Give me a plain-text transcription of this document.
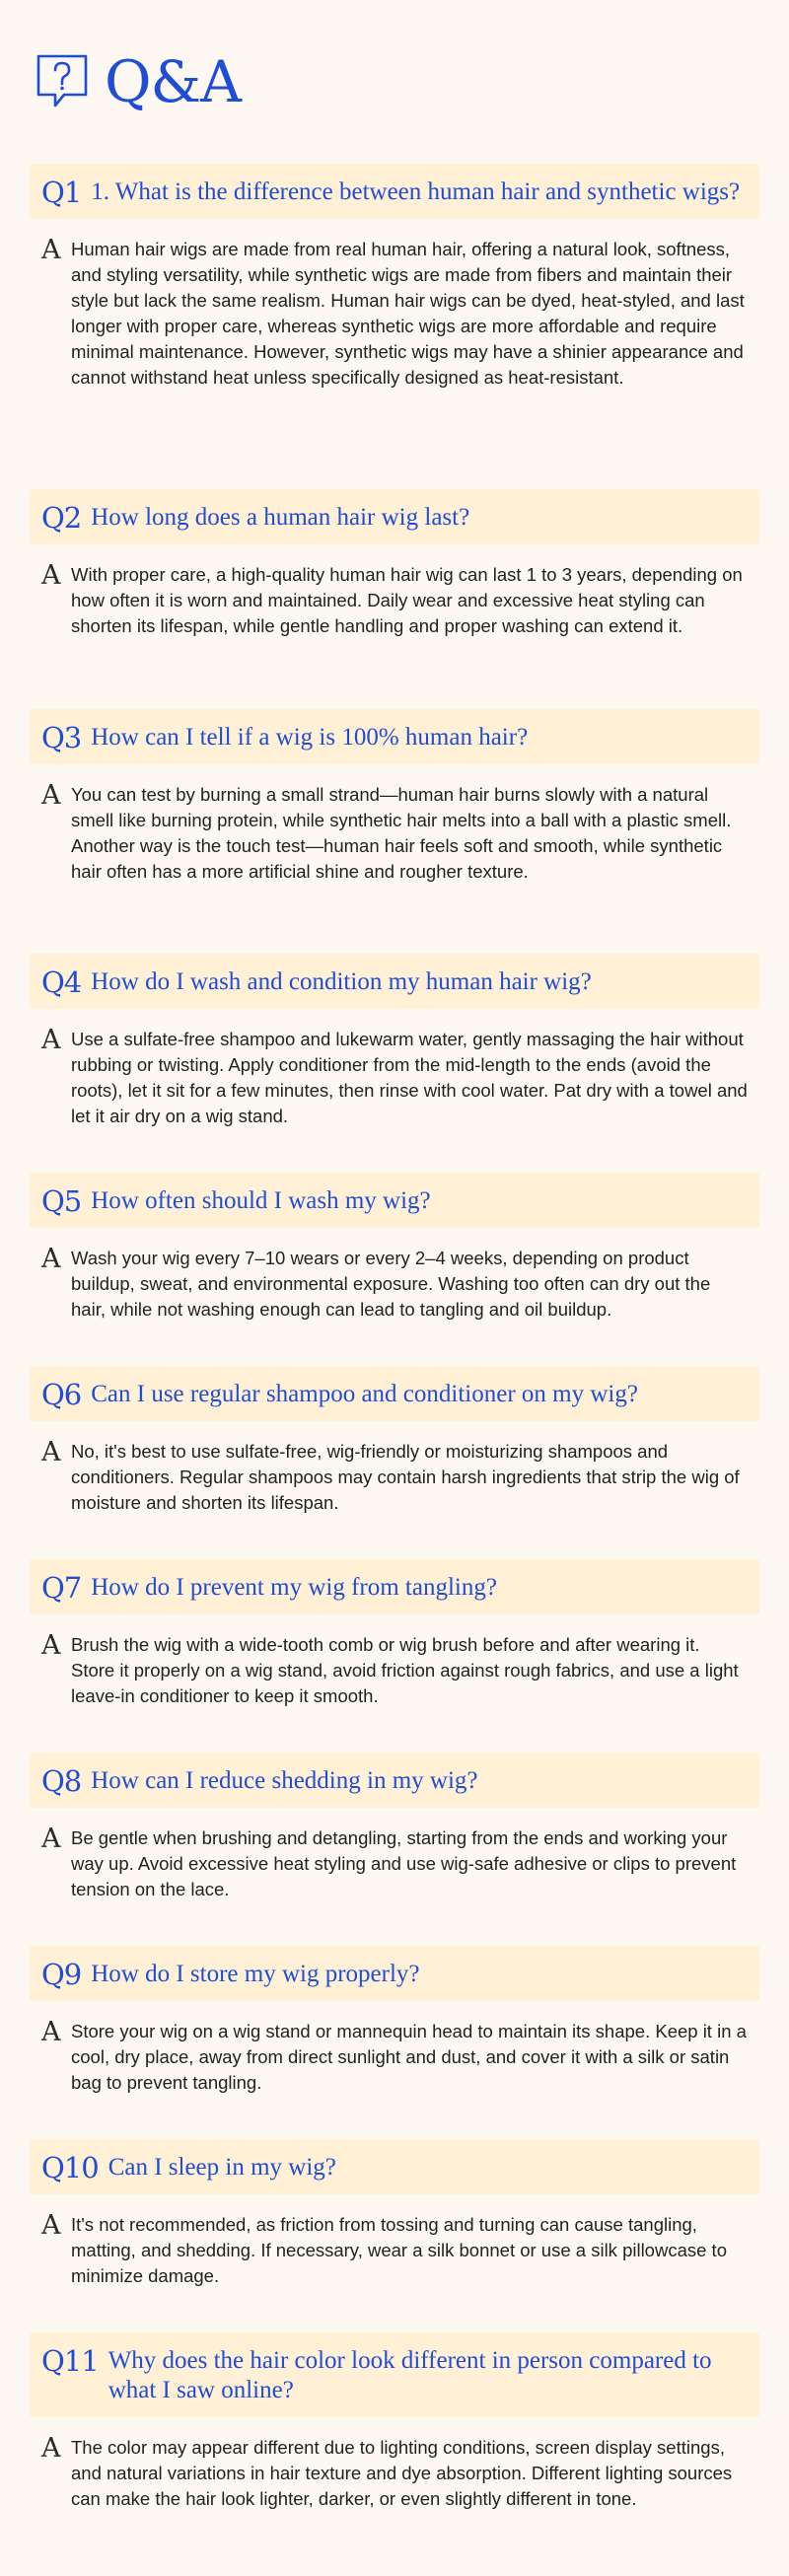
Q&A
Q1 1. What is the difference between human hair and synthetic wigs?
A Human hair wigs are made from real human hair, offering a natural look, softness, and styling versatility, while synthetic wigs are made from fibers and maintain their style but lack the same realism. Human hair wigs can be dyed, heat-styled, and last longer with proper care, whereas synthetic wigs are more affordable and require minimal maintenance. However, synthetic wigs may have a shinier appearance and cannot withstand heat unless specifically designed as heat-resistant.
Q2 How long does a human hair wig last?
A With proper care, a high-quality human hair wig can last 1 to 3 years, depending on how often it is worn and maintained. Daily wear and excessive heat styling can shorten its lifespan, while gentle handling and proper washing can extend it.
Q3 How can I tell if a wig is 100% human hair?
A You can test by burning a small strand—human hair burns slowly with a natural smell like burning protein, while synthetic hair melts into a ball with a plastic smell. Another way is the touch test—human hair feels soft and smooth, while synthetic hair often has a more artificial shine and rougher texture.
Q4 How do I wash and condition my human hair wig?
A Use a sulfate-free shampoo and lukewarm water, gently massaging the hair without rubbing or twisting. Apply conditioner from the mid-length to the ends (avoid the roots), let it sit for a few minutes, then rinse with cool water. Pat dry with a towel and let it air dry on a wig stand.
Q5 How often should I wash my wig?
A Wash your wig every 7–10 wears or every 2–4 weeks, depending on product buildup, sweat, and environmental exposure. Washing too often can dry out the hair, while not washing enough can lead to tangling and oil buildup.
Q6 Can I use regular shampoo and conditioner on my wig?
A No, it's best to use sulfate-free, wig-friendly or moisturizing shampoos and conditioners. Regular shampoos may contain harsh ingredients that strip the wig of moisture and shorten its lifespan.
Q7 How do I prevent my wig from tangling?
A Brush the wig with a wide-tooth comb or wig brush before and after wearing it. Store it properly on a wig stand, avoid friction against rough fabrics, and use a light leave-in conditioner to keep it smooth.
Q8 How can I reduce shedding in my wig?
A Be gentle when brushing and detangling, starting from the ends and working your way up. Avoid excessive heat styling and use wig-safe adhesive or clips to prevent tension on the lace.
Q9 How do I store my wig properly?
A Store your wig on a wig stand or mannequin head to maintain its shape. Keep it in a cool, dry place, away from direct sunlight and dust, and cover it with a silk or satin bag to prevent tangling.
Q10 Can I sleep in my wig?
A It's not recommended, as friction from tossing and turning can cause tangling, matting, and shedding. If necessary, wear a silk bonnet or use a silk pillowcase to minimize damage.
Q11 Why does the hair color look different in person compared to what I saw online?
A The color may appear different due to lighting conditions, screen display settings, and natural variations in hair texture and dye absorption. Different lighting sources can make the hair look lighter, darker, or even slightly different in tone.
